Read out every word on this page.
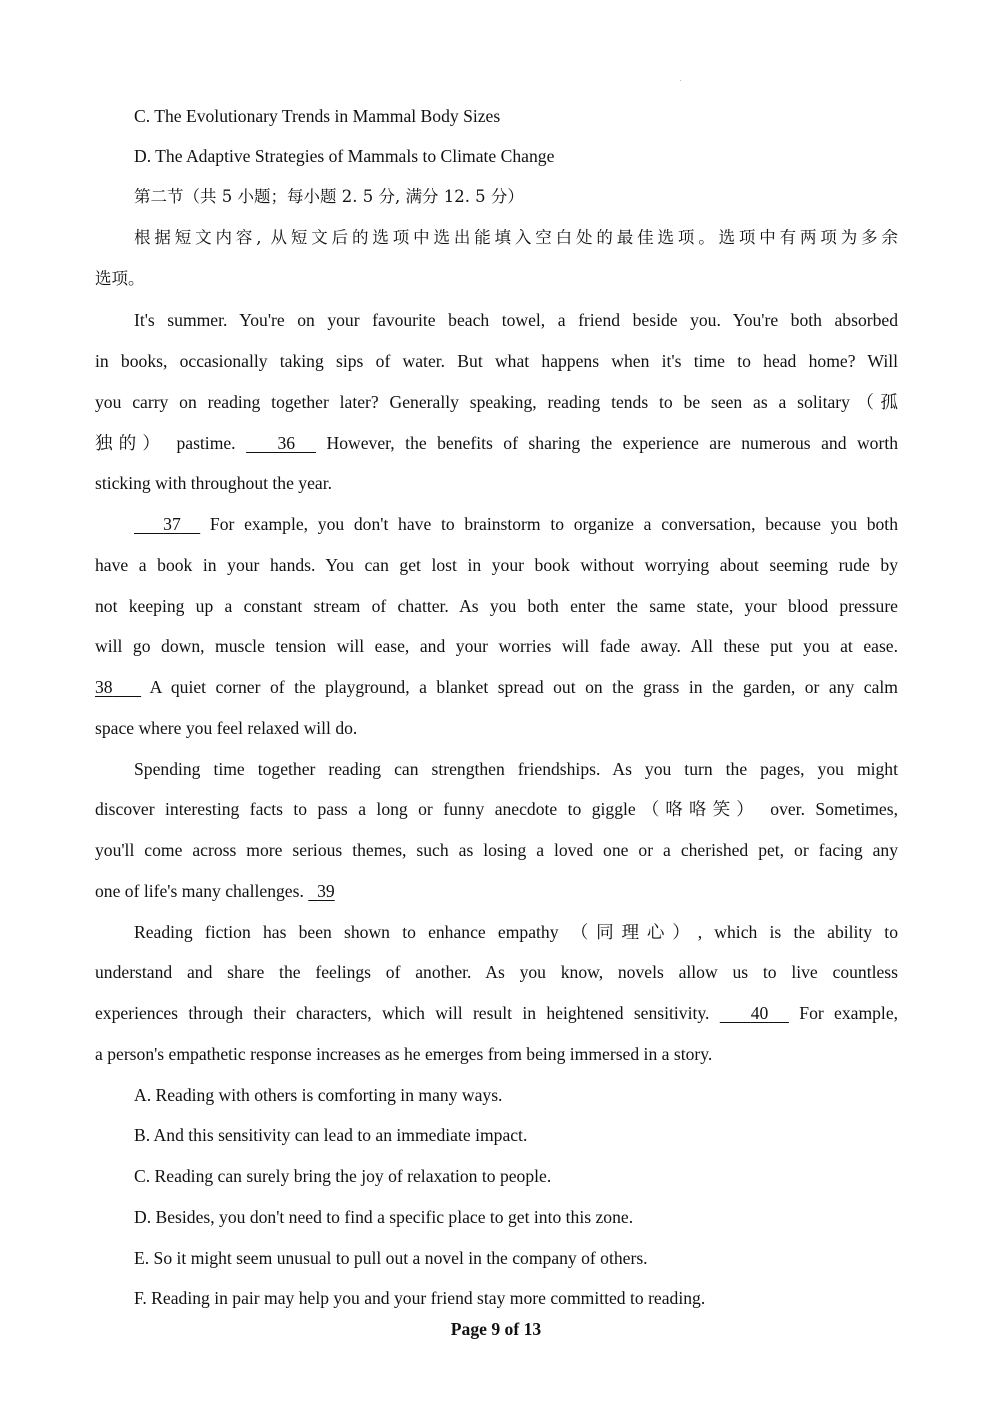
C. The Evolutionary Trends in Mammal Body Sizes
D. The Adaptive Strategies of Mammals to Climate Change
第二节（共 5 小题；每小题 2. 5 分, 满分 12. 5 分）
根据短文内容, 从短文后的选项中选出能填入空白处的最佳选项。选项中有两项为多余
选项。
It's summer. You're on your favourite beach towel, a friend beside you. You're both absorbed
in books, occasionally taking sips of water. But what happens when it's time to head home? Will
you carry on reading together later? Generally speaking, reading tends to be seen as a solitary（孤
独的） pastime. 36 However, the benefits of sharing the experience are numerous and worth
sticking with throughout the year.
37 For example, you don't have to brainstorm to organize a conversation, because you both
have a book in your hands. You can get lost in your book without worrying about seeming rude by
not keeping up a constant stream of chatter. As you both enter the same state, your blood pressure
will go down, muscle tension will ease, and your worries will fade away. All these put you at ease.
38 A quiet corner of the playground, a blanket spread out on the grass in the garden, or any calm
space where you feel relaxed will do.
Spending time together reading can strengthen friendships. As you turn the pages, you might
discover interesting facts to pass a long or funny anecdote to giggle（咯咯笑） over. Sometimes,
you'll come across more serious themes, such as losing a loved one or a cherished pet, or facing any
one of life's many challenges. 39
Reading fiction has been shown to enhance empathy （同理心）, which is the ability to
understand and share the feelings of another. As you know, novels allow us to live countless
experiences through their characters, which will result in heightened sensitivity. 40 For example,
a person's empathetic response increases as he emerges from being immersed in a story.
A. Reading with others is comforting in many ways.
B. And this sensitivity can lead to an immediate impact.
C. Reading can surely bring the joy of relaxation to people.
D. Besides, you don't need to find a specific place to get into this zone.
E. So it might seem unusual to pull out a novel in the company of others.
F. Reading in pair may help you and your friend stay more committed to reading.
Page 9 of 13
